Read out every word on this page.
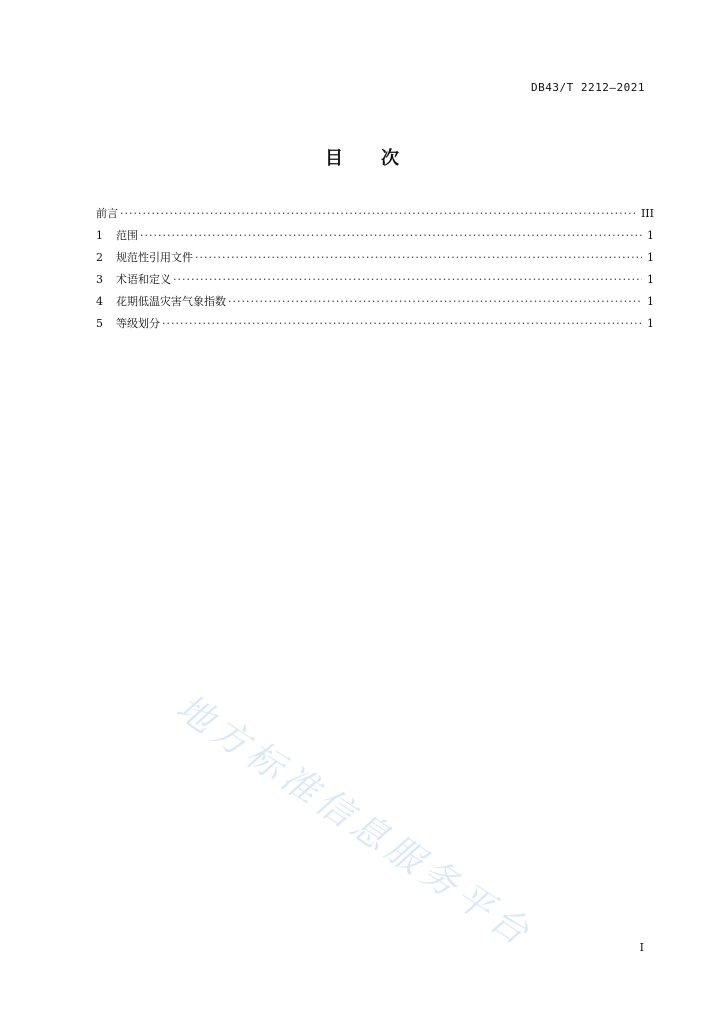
DB43/T 2212—2021
目次
前言 ·····	III
1	范围 ·····	1
2	规范性引用文件 ·····	1
3	术语和定义 ·····	1
4	花期低温灾害气象指数 ·····	1
5	等级划分 ·····	1
地方标准信息服务平台	I
